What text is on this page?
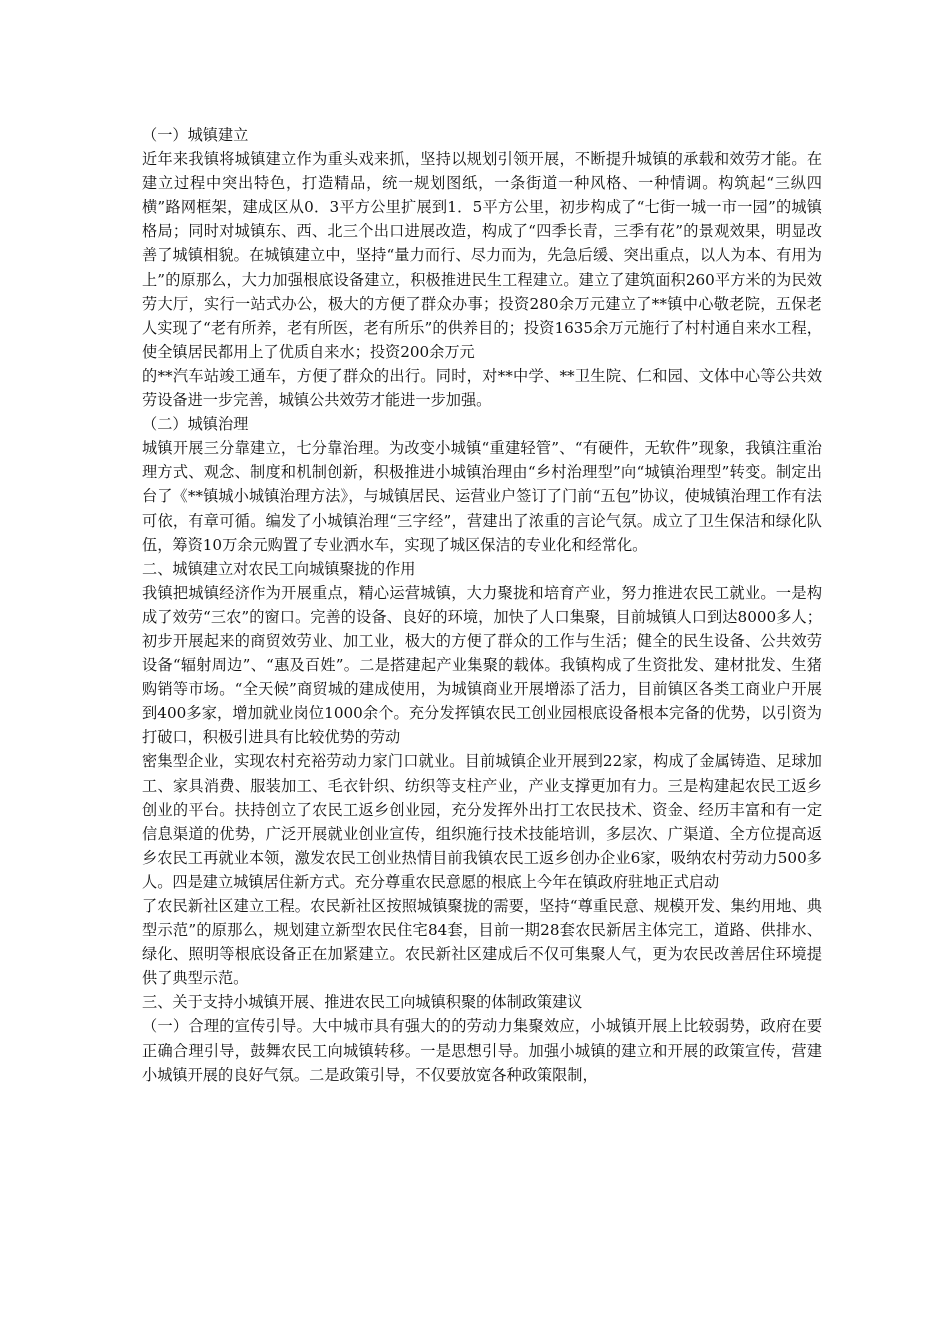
（一）城镇建立

近年来我镇将城镇建立作为重头戏来抓，坚持以规划引领开展，不断提升城镇的承载和效劳才能。在建立过程中突出特色，打造精品，统一规划图纸，一条街道一种风格、一种情调。构筑起“三纵四横”路网框架，建成区从0．3平方公里扩展到1．5平方公里，初步构成了“七街一城一市一园”的城镇格局；同时对城镇东、西、北三个出口进展改造，构成了“四季长青，三季有花”的景观效果，明显改善了城镇相貌。在城镇建立中，坚持“量力而行、尽力而为，先急后缓、突出重点，以人为本、有用为上”的原那么，大力加强根底设备建立，积极推进民生工程建立。建立了建筑面积260平方米的为民效劳大厅，实行一站式办公，极大的方便了群众办事；投资280余万元建立了**镇中心敬老院，五保老人实现了“老有所养，老有所医，老有所乐”的供养目的；投资1635余万元施行了村村通自来水工程，使全镇居民都用上了优质自来水；投资200余万元

的**汽车站竣工通车，方便了群众的出行。同时，对**中学、**卫生院、仁和园、文体中心等公共效劳设备进一步完善，城镇公共效劳才能进一步加强。

（二）城镇治理

城镇开展三分靠建立，七分靠治理。为改变小城镇“重建轻管”、“有硬件，无软件”现象，我镇注重治理方式、观念、制度和机制创新，积极推进小城镇治理由“乡村治理型”向“城镇治理型”转变。制定出台了《**镇城小城镇治理方法》，与城镇居民、运营业户签订了门前“五包”协议，使城镇治理工作有法可依，有章可循。编发了小城镇治理“三字经”，营建出了浓重的言论气氛。成立了卫生保洁和绿化队伍，筹资10万余元购置了专业洒水车，实现了城区保洁的专业化和经常化。

二、城镇建立对农民工向城镇聚拢的作用

我镇把城镇经济作为开展重点，精心运营城镇，大力聚拢和培育产业，努力推进农民工就业。一是构成了效劳“三农”的窗口。完善的设备、良好的环境，加快了人口集聚，目前城镇人口到达8000多人；初步开展起来的商贸效劳业、加工业，极大的方便了群众的工作与生活；健全的民生设备、公共效劳设备“辐射周边”、“惠及百姓”。二是搭建起产业集聚的载体。我镇构成了生资批发、建材批发、生猪购销等市场。“全天候”商贸城的建成使用，为城镇商业开展增添了活力，目前镇区各类工商业户开展到400多家，增加就业岗位1000余个。充分发挥镇农民工创业园根底设备根本完备的优势，以引资为打破口，积极引进具有比较优势的劳动

密集型企业，实现农村充裕劳动力家门口就业。目前城镇企业开展到22家，构成了金属铸造、足球加工、家具消费、服装加工、毛衣针织、纺织等支柱产业，产业支撑更加有力。三是构建起农民工返乡创业的平台。扶持创立了农民工返乡创业园，充分发挥外出打工农民技术、资金、经历丰富和有一定信息渠道的优势，广泛开展就业创业宣传，组织施行技术技能培训，多层次、广渠道、全方位提高返乡农民工再就业本领，激发农民工创业热情目前我镇农民工返乡创办企业6家，吸纳农村劳动力500多人。四是建立城镇居住新方式。充分尊重农民意愿的根底上今年在镇政府驻地正式启动

了农民新社区建立工程。农民新社区按照城镇聚拢的需要，坚持“尊重民意、规模开发、集约用地、典型示范”的原那么，规划建立新型农民住宅84套，目前一期28套农民新居主体完工，道路、供排水、绿化、照明等根底设备正在加紧建立。农民新社区建成后不仅可集聚人气，更为农民改善居住环境提供了典型示范。

三、关于支持小城镇开展、推进农民工向城镇积聚的体制政策建议

（一）合理的宣传引导。大中城市具有强大的的劳动力集聚效应，小城镇开展上比较弱势，政府在要正确合理引导，鼓舞农民工向城镇转移。一是思想引导。加强小城镇的建立和开展的政策宣传，营建小城镇开展的良好气氛。二是政策引导，不仅要放宽各种政策限制，
